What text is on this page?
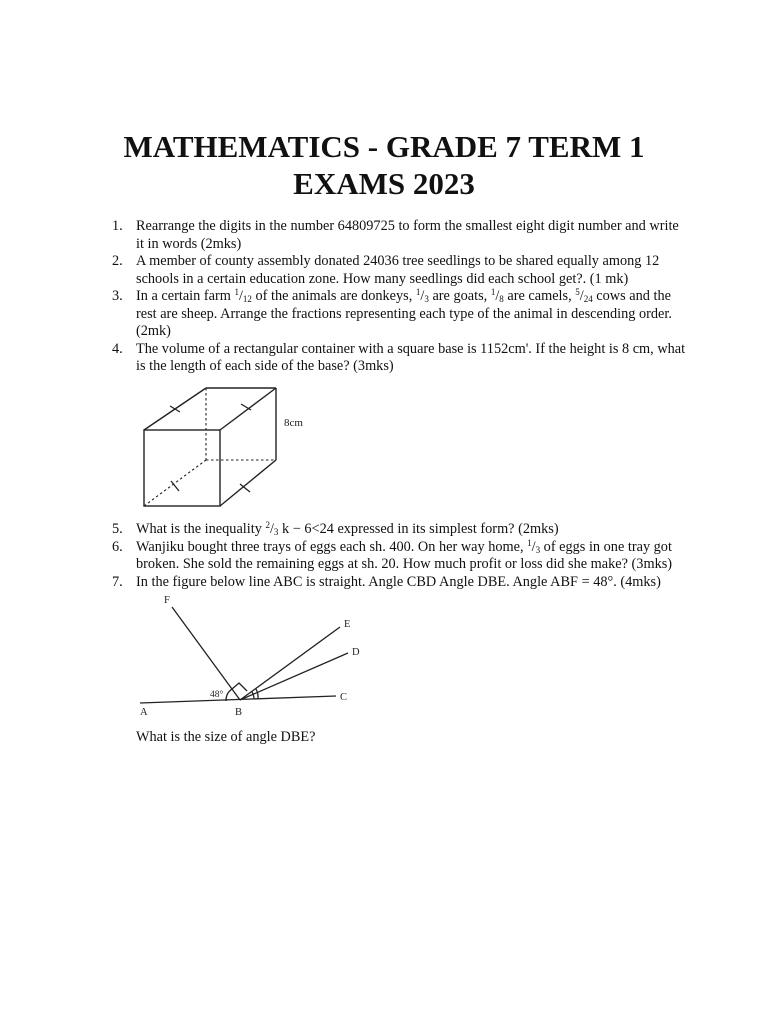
MATHEMATICS - GRADE 7 TERM 1
EXAMS 2023
1. Rearrange the digits in the number 64809725 to form the smallest eight digit number and write it in words (2mks)
2. A member of county assembly donated 24036 tree seedlings to be shared equally among 12 schools in a certain education zone. How many seedlings did each school get?. (1 mk)
3. In a certain farm $^1/_{12}$ of the animals are donkeys, $^1/_3$ are goats, $^1/_8$ are camels, $^5/_{24}$ cows and the rest are sheep. Arrange the fractions representing each type of the animal in descending order. (2mk)
4. The volume of a rectangular container with a square base is 1152cm'. If the height is 8 cm, what is the length of each side of the base? (3mks)
8cm
5. What is the inequality $^2/_3$ k − 6<24 expressed in its simplest form? (2mks)
6. Wanjiku bought three trays of eggs each sh. 400. On her way home, $^1/_3$ of eggs in one tray got broken. She sold the remaining eggs at sh. 20. How much profit or loss did she make? (3mks)
7. In the figure below line ABC is straight. Angle CBD Angle DBE. Angle ABF = 48°. (4mks)
F
E
D
C
A	B
48°
What is the size of angle DBE?
